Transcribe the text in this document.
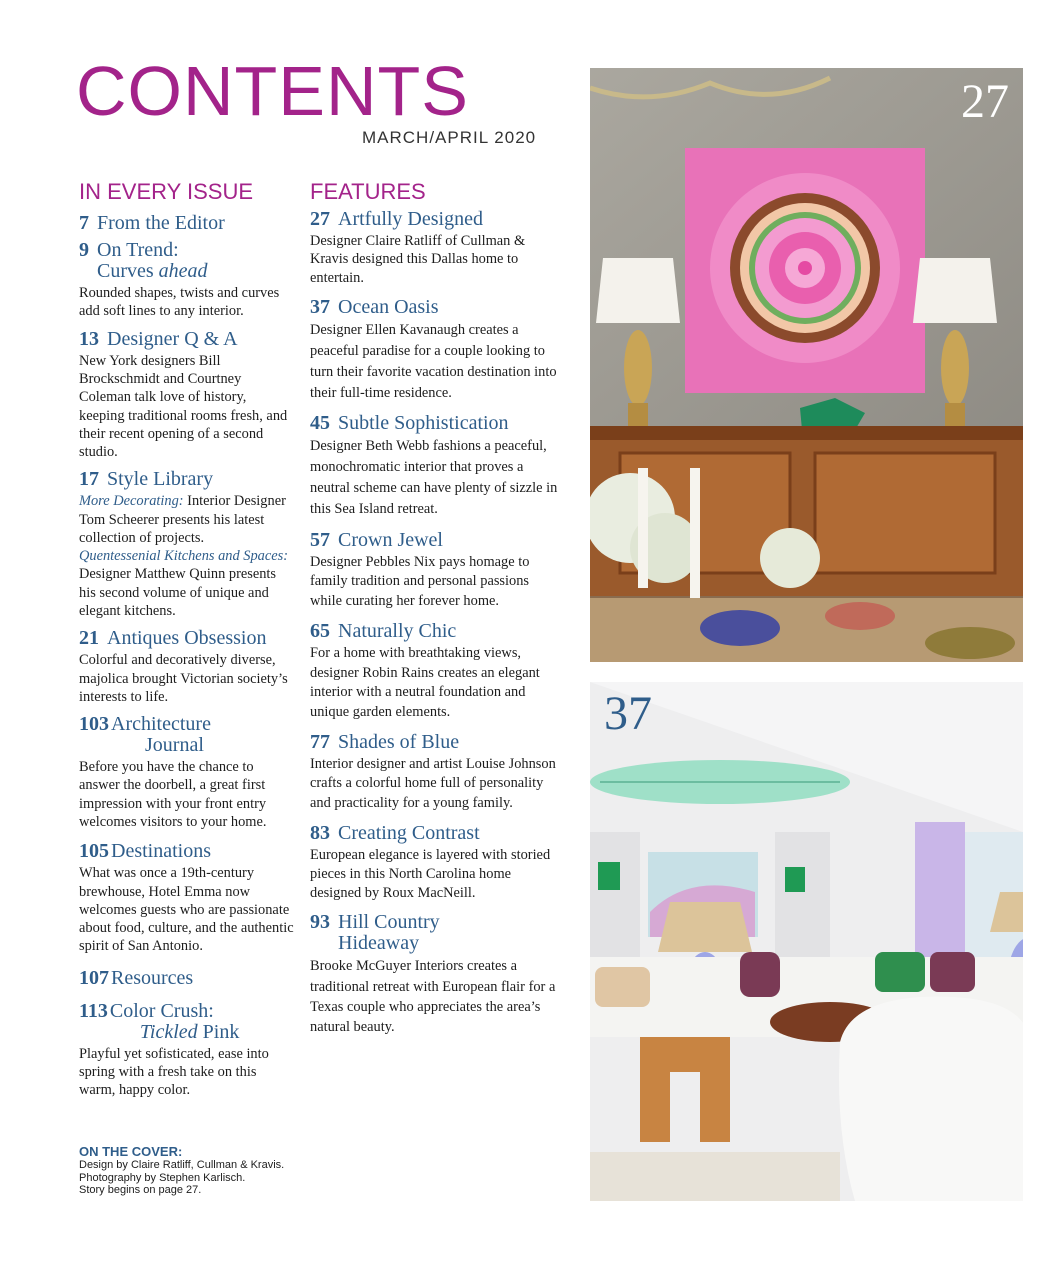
CONTENTS
MARCH/APRIL 2020
IN EVERY ISSUE
7 From the Editor
9 On Trend:
Curves ahead

Rounded shapes, twists and curves add soft lines to any interior.

13 Designer Q & A

New York designers Bill Brockschmidt and Courtney Coleman talk love of history, keeping traditional rooms fresh, and their recent opening of a second studio.

17 Style Library

More Decorating: Interior Designer Tom Scheerer presents his latest collection of projects.
Quentessenial Kitchens and Spaces: Designer Matthew Quinn presents his second volume of unique and elegant kitchens.

21 Antiques Obsession

Colorful and decoratively diverse, majolica brought Victorian society’s interests to life.

103 Architecture
Journal

Before you have the chance to answer the doorbell, a great first impression with your front entry welcomes visitors to your home.

105 Destinations

What was once a 19th-century brewhouse, Hotel Emma now welcomes guests who are passionate about food, culture, and the authentic spirit of San Antonio.

107 Resources
113 Color Crush:
Tickled Pink

Playful yet sofisticated, ease into spring with a fresh take on this warm, happy color.

ON THE COVER:
Design by Claire Ratliff, Cullman & Kravis.
Photography by Stephen Karlisch.
Story begins on page 27.
FEATURES
27 Artfully Designed

Designer Claire Ratliff of Cullman & Kravis designed this Dallas home to entertain.

37 Ocean Oasis

Designer Ellen Kavanaugh creates a peaceful paradise for a couple looking to turn their favorite vacation destination into their full-time residence.

45 Subtle Sophistication

Designer Beth Webb fashions a peaceful, monochromatic interior that proves a neutral scheme can have plenty of sizzle in this Sea Island retreat.

57 Crown Jewel

Designer Pebbles Nix pays homage to family tradition and personal passions while curating her forever home.

65 Naturally Chic

For a home with breathtaking views, designer Robin Rains creates an elegant interior with a neutral foundation and unique garden elements.

77 Shades of Blue

Interior designer and artist Louise Johnson crafts a colorful home full of personality and practicality for a young family.

83 Creating Contrast

European elegance is layered with storied pieces in this North Carolina home designed by Roux MacNeill.

93 Hill Country
Hideaway

Brooke McGuyer Interiors creates a traditional retreat with European flair for a Texas couple who appreciates the area’s natural beauty.

27
37
